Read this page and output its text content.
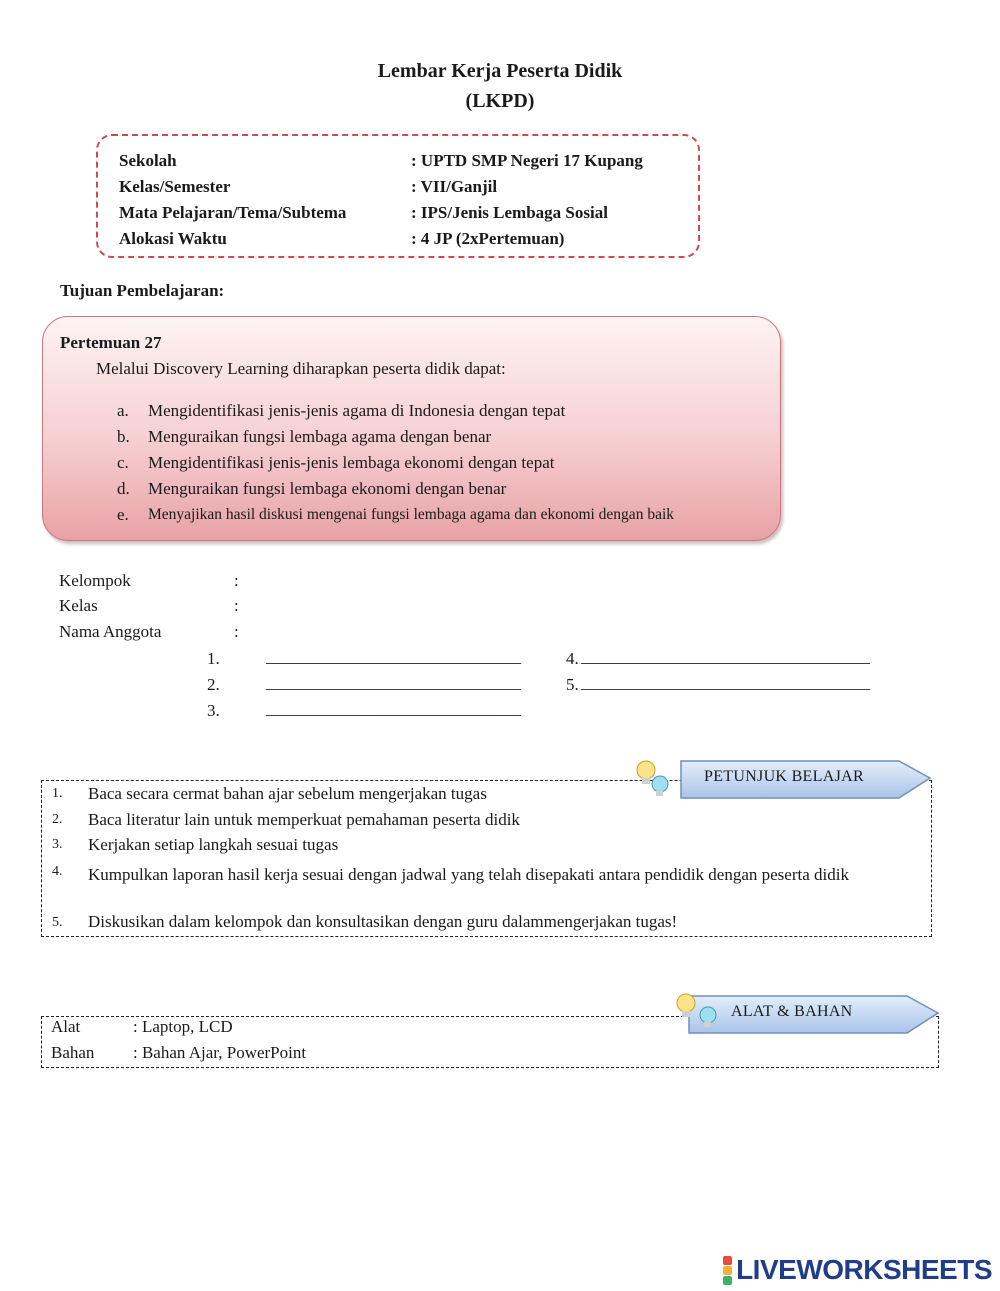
Lembar Kerja Peserta Didik
(LKPD)
Sekolah	: UPTD SMP Negeri 17 Kupang
Kelas/Semester	: VII/Ganjil
Mata Pelajaran/Tema/Subtema	: IPS/Jenis Lembaga Sosial
Alokasi Waktu	: 4 JP (2xPertemuan)
Tujuan Pembelajaran:
Pertemuan 27
Melalui Discovery Learning diharapkan peserta didik dapat:
a. Mengidentifikasi jenis-jenis agama di Indonesia dengan tepat
b. Menguraikan fungsi lembaga agama dengan benar
c. Mengidentifikasi jenis-jenis lembaga ekonomi dengan tepat
d. Menguraikan fungsi lembaga ekonomi dengan benar
e. Menyajikan hasil diskusi mengenai fungsi lembaga agama dan ekonomi dengan baik
Kelompok	:
Kelas	:
Nama Anggota	:
1.	______________________________
2.	______________________________
3.	______________________________
4. __________________________________
5. __________________________________
1. Baca secara cermat bahan ajar sebelum mengerjakan tugas
2. Baca literatur lain untuk memperkuat pemahaman peserta didik
3. Kerjakan setiap langkah sesuai tugas
4. Kumpulkan laporan hasil kerja sesuai dengan jadwal yang telah disepakati antara pendidik dengan peserta didik
5. Diskusikan dalam kelompok dan konsultasikan dengan guru dalammengerjakan tugas!
PETUNJUK BELAJAR
Alat	: Laptop, LCD
Bahan : Bahan Ajar, PowerPoint
ALAT & BAHAN
LIVEWORKSHEETS
